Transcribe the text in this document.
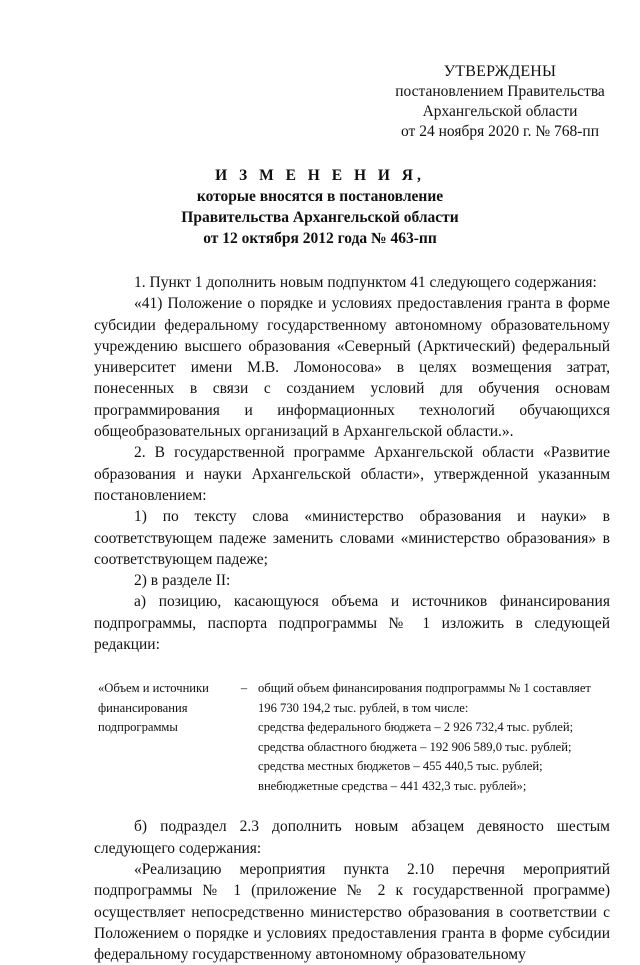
УТВЕРЖДЕНЫ
постановлением Правительства
Архангельской области
от 24 ноября 2020 г. № 768-пп
И З М Е Н Е Н И Я,
которые вносятся в постановление
Правительства Архангельской области
от 12 октября 2012 года № 463-пп

1. Пункт 1 дополнить новым подпунктом 41 следующего содержания:

«41) Положение о порядке и условиях предоставления гранта в форме субсидии федеральному государственному автономному образовательному учреждению высшего образования «Северный (Арктический) федеральный университет имени М.В. Ломоносова» в целях возмещения затрат, понесенных в связи с созданием условий для обучения основам программирования и информационных технологий обучающихся общеобразовательных организаций в Архангельской области.».

2. В государственной программе Архангельской области «Развитие образования и науки Архангельской области», утвержденной указанным постановлением:

1) по тексту слова «министерство образования и науки» в соответствующем падеже заменить словами «министерство образования» в соответствующем падеже;

2) в разделе II:

а) позицию, касающуюся объема и источников финансирования подпрограммы, паспорта подпрограммы № 1 изложить в следующей редакции:

«Объем и источники
финансирования
подпрограммы
– общий объем финансирования подпрограммы № 1 составляет
196 730 194,2 тыс. рублей, в том числе:
средства федерального бюджета – 2 926 732,4 тыс. рублей;
средства областного бюджета – 192 906 589,0 тыс. рублей;
средства местных бюджетов – 455 440,5 тыс. рублей;
внебюджетные средства – 441 432,3 тыс. рублей»;

б) подраздел 2.3 дополнить новым абзацем девяносто шестым следующего содержания:

«Реализацию мероприятия пункта 2.10 перечня мероприятий подпрограммы № 1 (приложение № 2 к государственной программе) осуществляет непосредственно министерство образования в соответствии с Положением о порядке и условиях предоставления гранта в форме субсидии федеральному государственному автономному образовательному
